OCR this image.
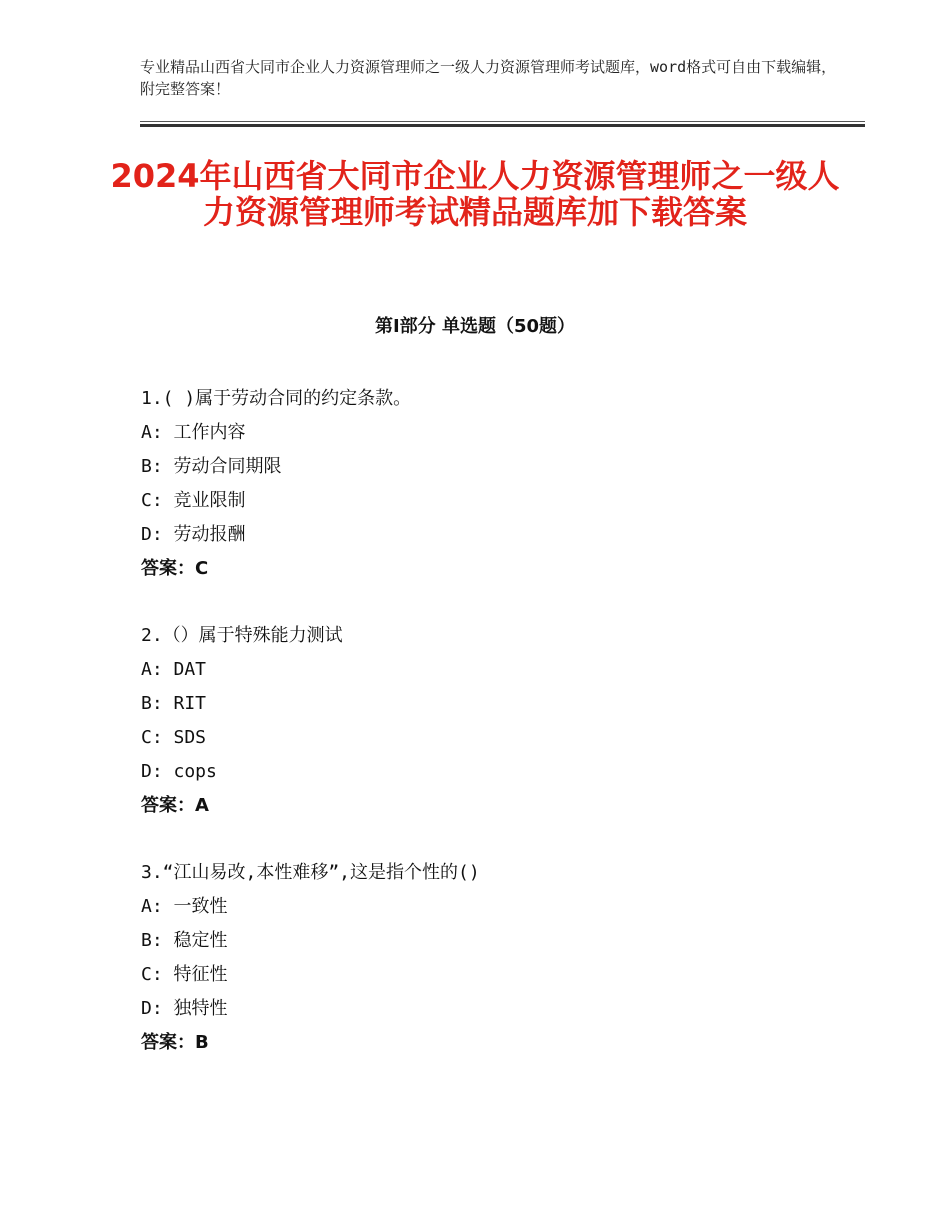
专业精品山西省大同市企业人力资源管理师之一级人力资源管理师考试题库，word格式可自由下载编辑，附完整答案！
2024年山西省大同市企业人力资源管理师之一级人力资源管理师考试精品题库加下载答案
第Ⅰ部分 单选题（50题）
1.( )属于劳动合同的约定条款。
A: 工作内容
B: 劳动合同期限
C: 竞业限制
D: 劳动报酬
答案：C
2.（）属于特殊能力测试
A: DAT
B: RIT
C: SDS
D: cops
答案：A
3.“江山易改,本性难移”,这是指个性的()
A: 一致性
B: 稳定性
C: 特征性
D: 独特性
答案：B
